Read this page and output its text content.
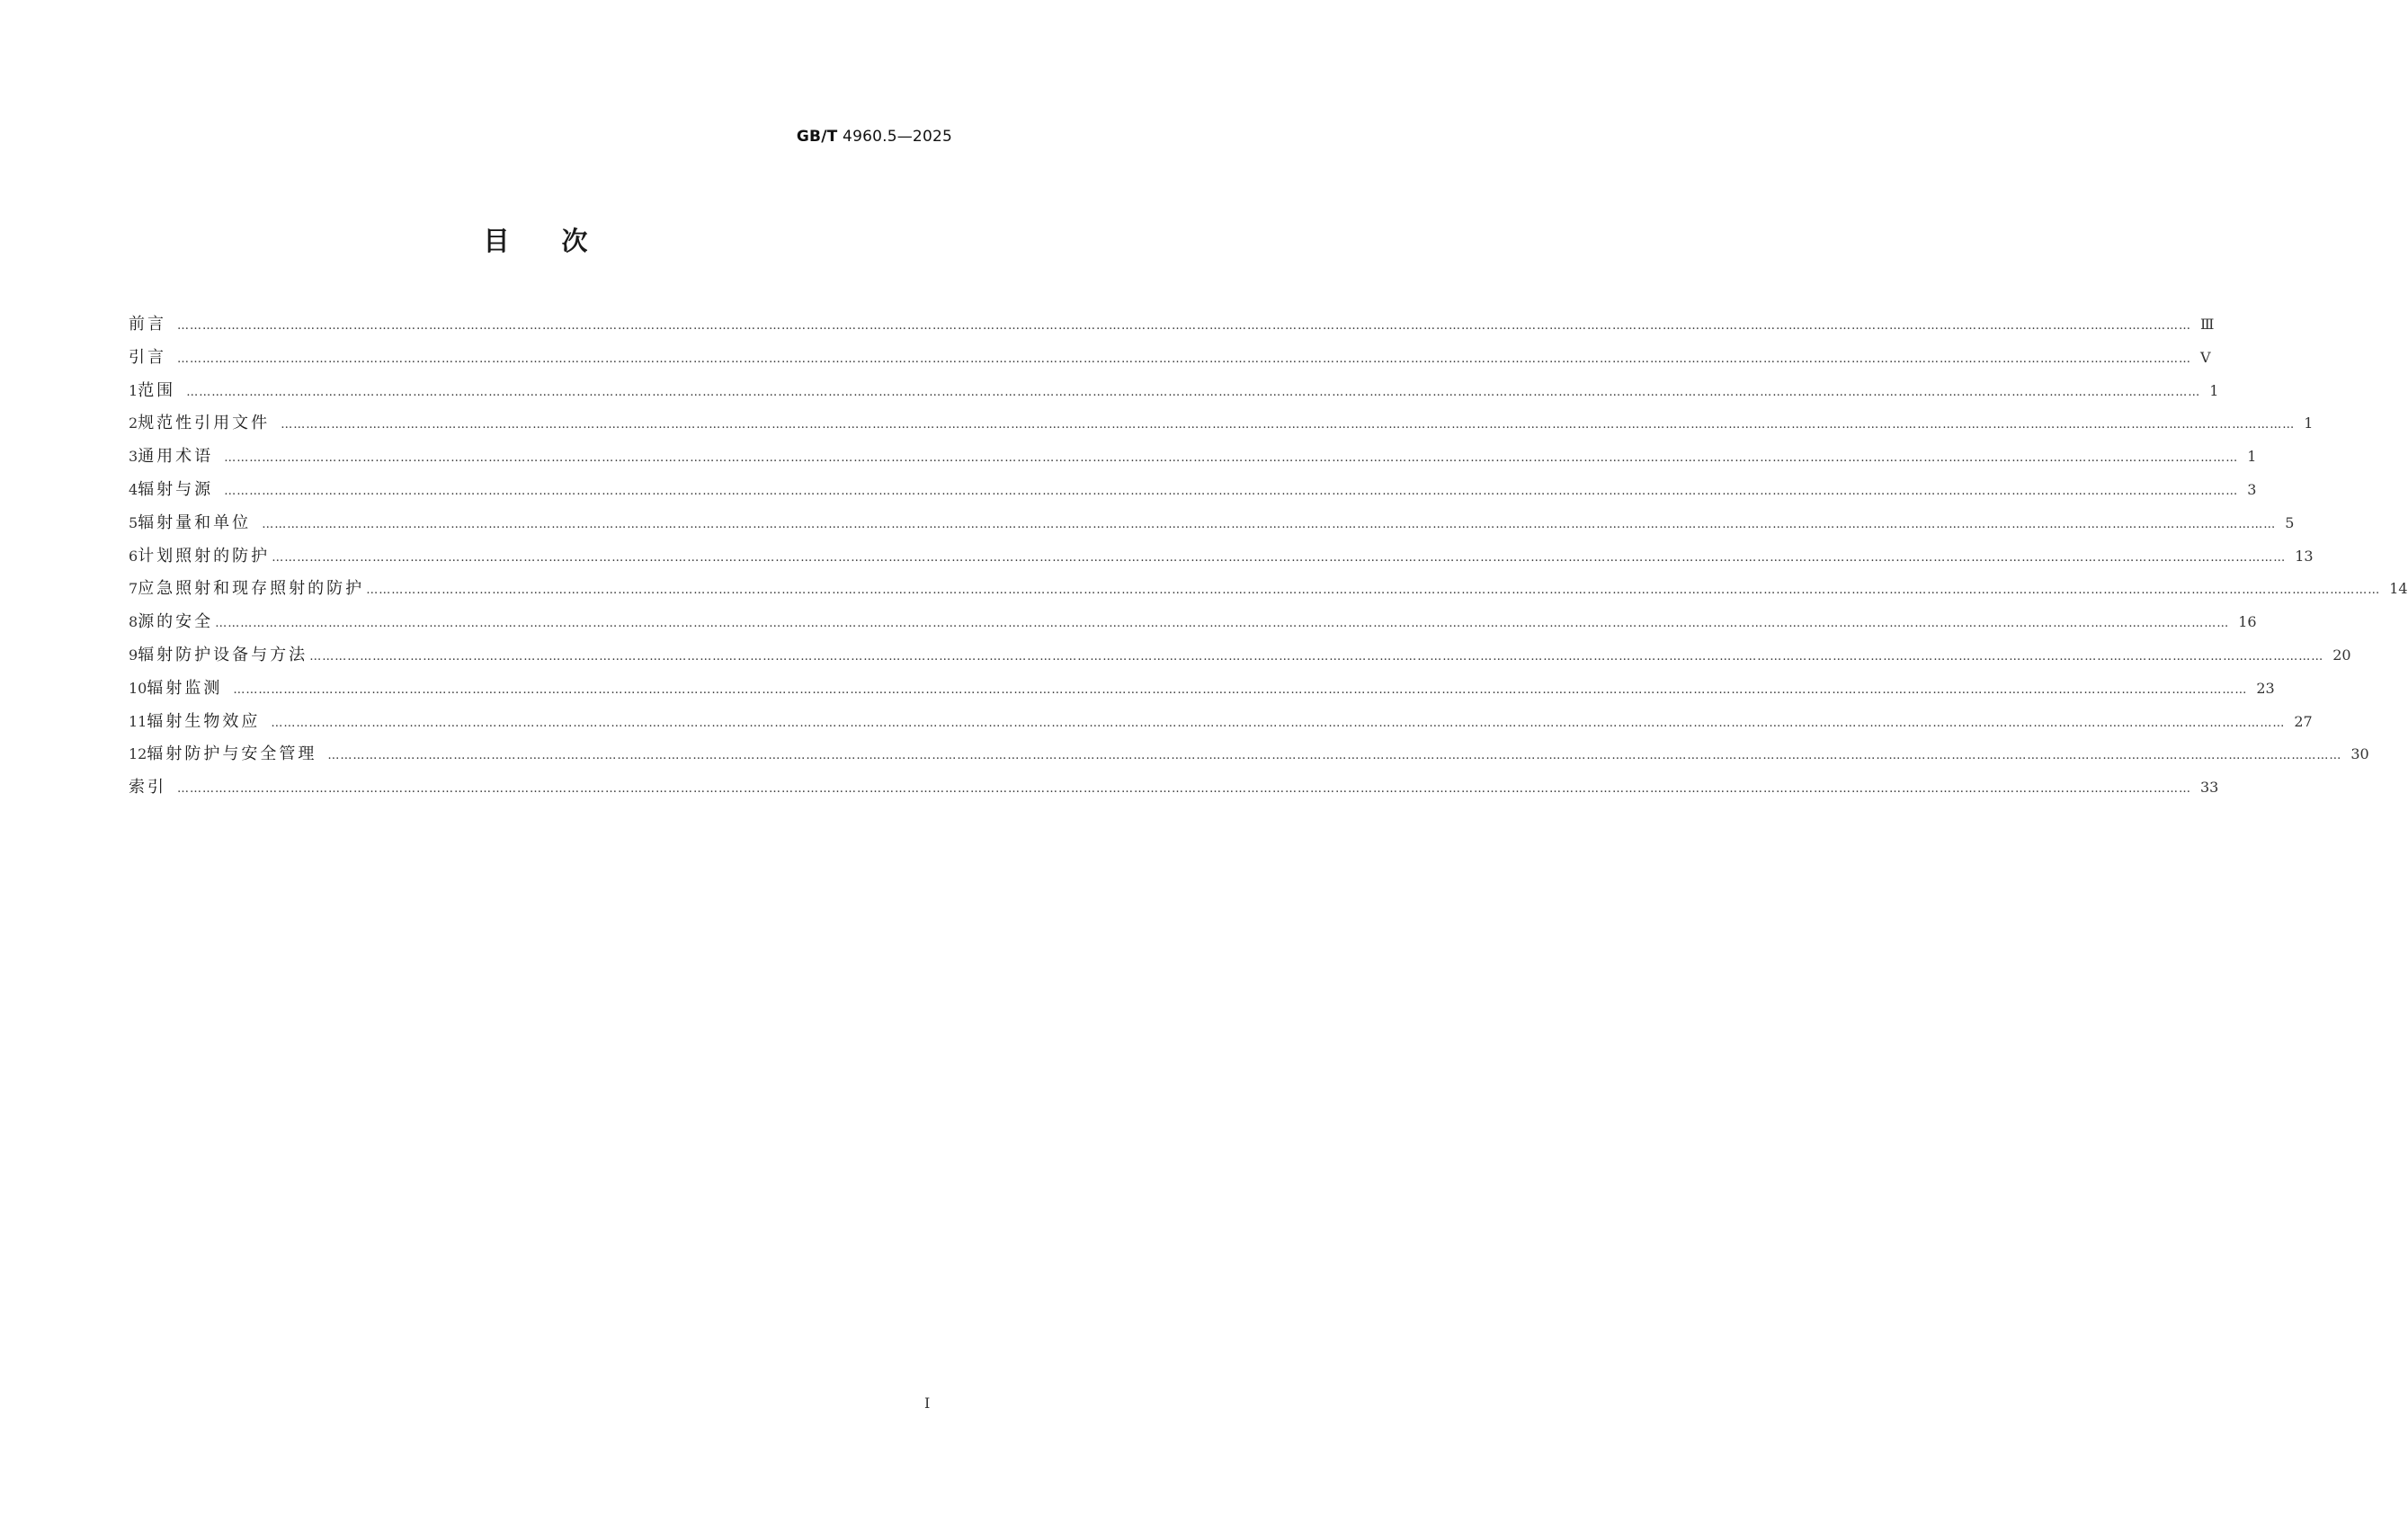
GB/T 4960.5—2025
目 次
前言 ………………………………………………………………………………………………………………………………………………………………………………………………………………………………………………………………………………………………………………………………………………………………………………………………………………………………………… Ⅲ
引言 ………………………………………………………………………………………………………………………………………………………………………………………………………………………………………………………………………………………………………………………………………………………………………………………………………………………………………… Ⅴ
1 范围 ………………………………………………………………………………………………………………………………………………………………………………………………………………………………………………………………………………………………………………………………………………………………………………………………………………………………………… 1
2 规范性引用文件 ………………………………………………………………………………………………………………………………………………………………………………………………………………………………………………………………………………………………………………………………………………………………………………………………………………………………………… 1
3 通用术语 ………………………………………………………………………………………………………………………………………………………………………………………………………………………………………………………………………………………………………………………………………………………………………………………………………………………………………… 1
4 辐射与源 ………………………………………………………………………………………………………………………………………………………………………………………………………………………………………………………………………………………………………………………………………………………………………………………………………………………………………… 3
5 辐射量和单位 ………………………………………………………………………………………………………………………………………………………………………………………………………………………………………………………………………………………………………………………………………………………………………………………………………………………………………… 5
6 计划照射的防护 ………………………………………………………………………………………………………………………………………………………………………………………………………………………………………………………………………………………………………………………………………………………………………………………………………………………………………… 13
7 应急照射和现存照射的防护 ………………………………………………………………………………………………………………………………………………………………………………………………………………………………………………………………………………………………………………………………………………………………………………………………………………………………………… 14
8 源的安全 ………………………………………………………………………………………………………………………………………………………………………………………………………………………………………………………………………………………………………………………………………………………………………………………………………………………………………… 16
9 辐射防护设备与方法 ………………………………………………………………………………………………………………………………………………………………………………………………………………………………………………………………………………………………………………………………………………………………………………………………………………………………………… 20
10 辐射监测 ………………………………………………………………………………………………………………………………………………………………………………………………………………………………………………………………………………………………………………………………………………………………………………………………………………………………………… 23
11 辐射生物效应 ………………………………………………………………………………………………………………………………………………………………………………………………………………………………………………………………………………………………………………………………………………………………………………………………………………………………………… 27
12 辐射防护与安全管理 ………………………………………………………………………………………………………………………………………………………………………………………………………………………………………………………………………………………………………………………………………………………………………………………………………………………………………… 30
索引 ………………………………………………………………………………………………………………………………………………………………………………………………………………………………………………………………………………………………………………………………………………………………………………………………………………………………………… 33
Ⅰ
